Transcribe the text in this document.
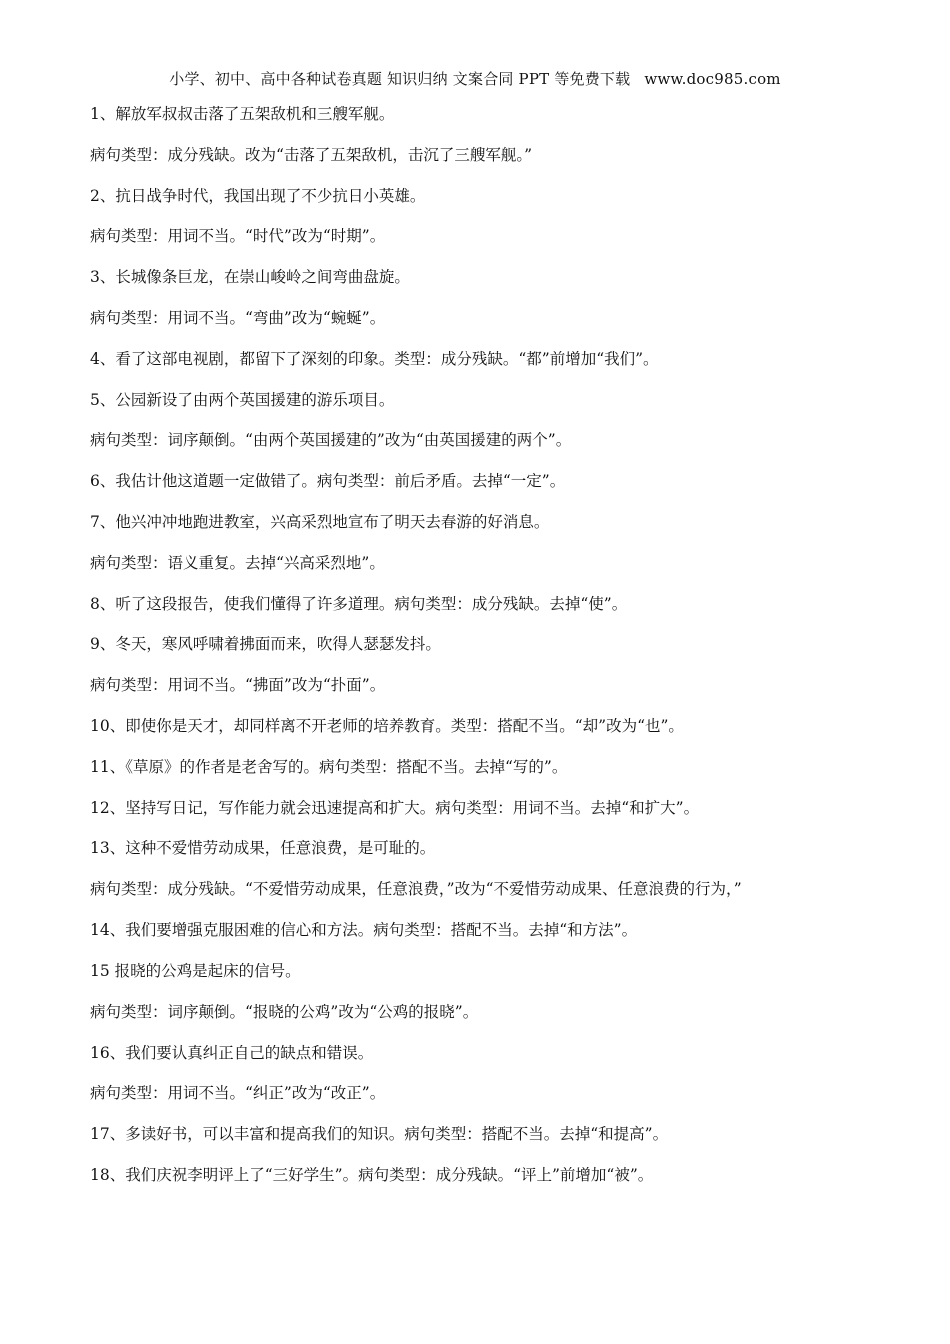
小学、初中、高中各种试卷真题 知识归纳 文案合同 PPT 等免费下载 www.doc985.com
1、解放军叔叔击落了五架敌机和三艘军舰。
病句类型：成分残缺。改为“击落了五架敌机，击沉了三艘军舰。”
2、抗日战争时代，我国出现了不少抗日小英雄。
病句类型：用词不当。“时代”改为“时期”。
3、长城像条巨龙，在崇山峻岭之间弯曲盘旋。
病句类型：用词不当。“弯曲”改为“蜿蜒”。
4、看了这部电视剧，都留下了深刻的印象。类型：成分残缺。“都”前增加“我们”。
5、公园新设了由两个英国援建的游乐项目。
病句类型：词序颠倒。“由两个英国援建的”改为“由英国援建的两个”。
6、我估计他这道题一定做错了。病句类型：前后矛盾。去掉“一定”。
7、他兴冲冲地跑进教室，兴高采烈地宣布了明天去春游的好消息。
病句类型：语义重复。去掉“兴高采烈地”。
8、听了这段报告，使我们懂得了许多道理。病句类型：成分残缺。去掉“使”。
9、冬天，寒风呼啸着拂面而来，吹得人瑟瑟发抖。
病句类型：用词不当。“拂面”改为“扑面”。
10、即使你是天才，却同样离不开老师的培养教育。类型：搭配不当。“却”改为“也”。
11、《草原》的作者是老舍写的。病句类型：搭配不当。去掉“写的”。
12、坚持写日记，写作能力就会迅速提高和扩大。病句类型：用词不当。去掉“和扩大”。
13、这种不爱惜劳动成果，任意浪费，是可耻的。
病句类型：成分残缺。“不爱惜劳动成果，任意浪费，”改为“不爱惜劳动成果、任意浪费的行为，”
14、我们要增强克服困难的信心和方法。病句类型：搭配不当。去掉“和方法”。
15 报晓的公鸡是起床的信号。
病句类型：词序颠倒。“报晓的公鸡”改为“公鸡的报晓”。
16、我们要认真纠正自己的缺点和错误。
病句类型：用词不当。“纠正”改为“改正”。
17、多读好书，可以丰富和提高我们的知识。病句类型：搭配不当。去掉“和提高”。
18、我们庆祝李明评上了“三好学生”。病句类型：成分残缺。“评上”前增加“被”。
